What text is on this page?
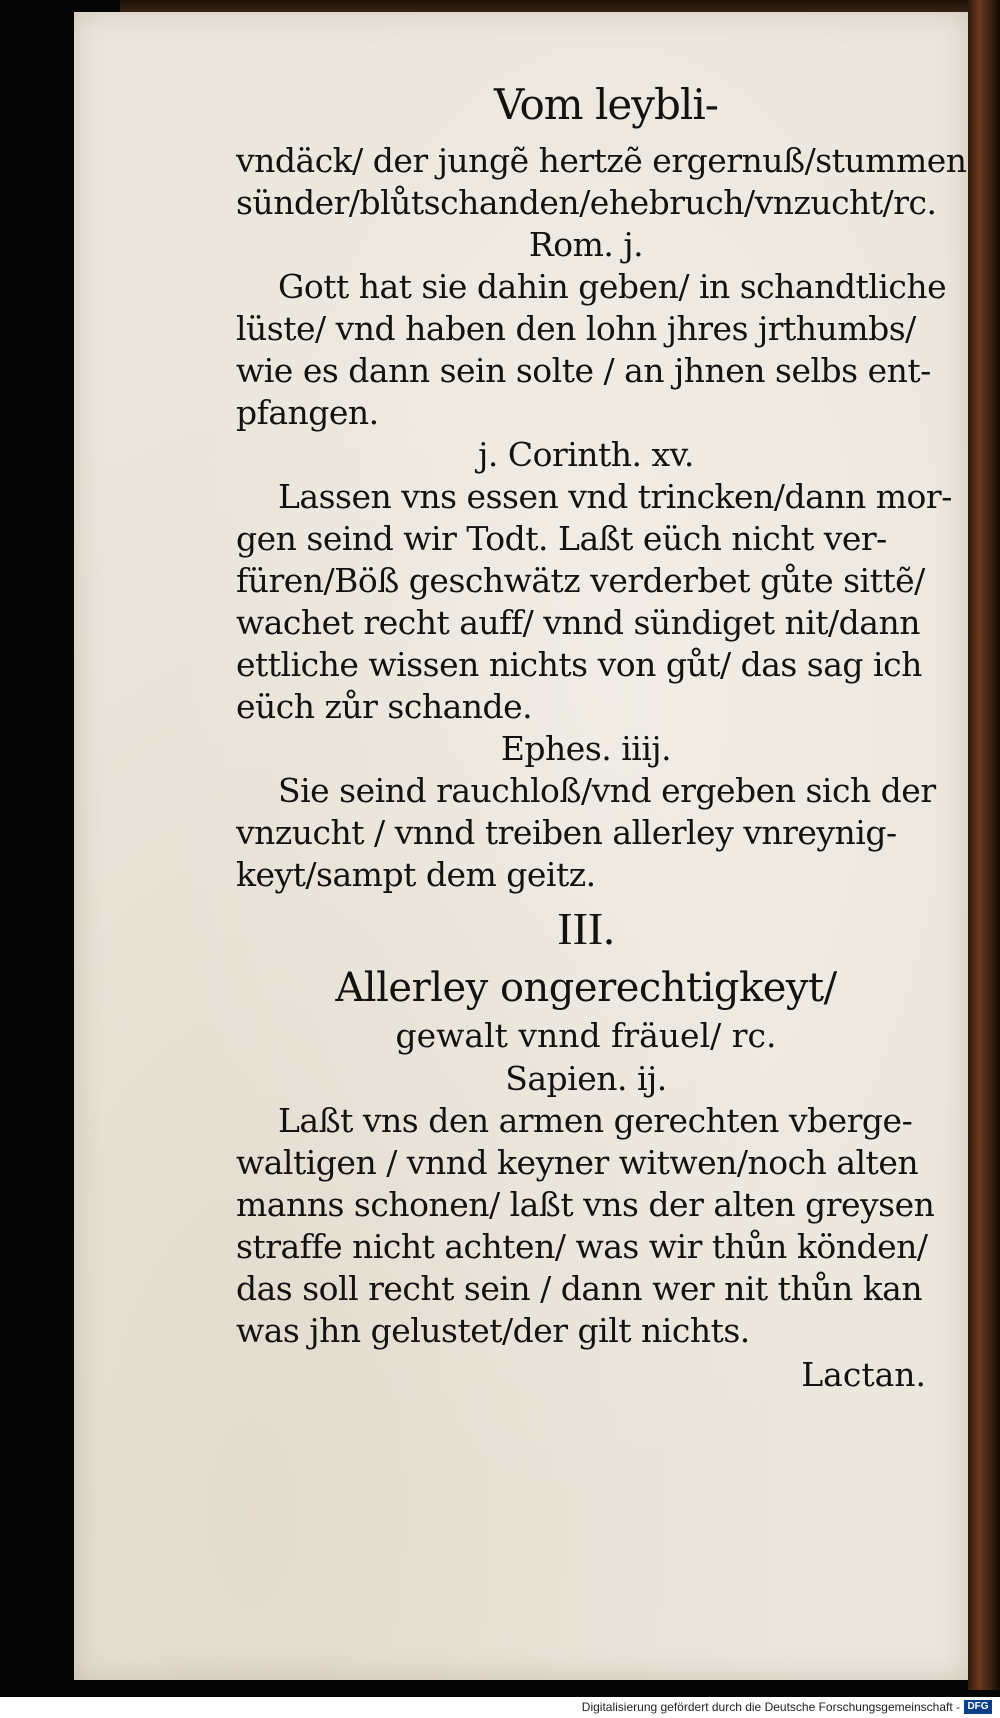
Vom leybli-
vndäck/ der jungẽ hertzẽ ergernuß/stummen
sünder/blůtschanden/ehebruch/vnzucht/rc.
Rom. j.
Gott hat sie dahin geben/ in schandtliche
lüste/ vnd haben den lohn jhres jrthumbs/
wie es dann sein solte / an jhnen selbs ent-
pfangen.
j. Corinth. xv.
Lassen vns essen vnd trincken/dann mor-
gen seind wir Todt. Laßt eüch nicht ver-
füren/Böß geschwätz verderbet gůte sittẽ/
wachet recht auff/ vnnd sündiget nit/dann
ettliche wissen nichts von gůt/ das sag ich
eüch zůr schande.
Ephes. iiij.
Sie seind rauchloß/vnd ergeben sich der
vnzucht / vnnd treiben allerley vnreynig-
keyt/sampt dem geitz.
III.
Allerley ongerechtigkeyt/
gewalt vnnd fräuel/ rc.
Sapien. ij.
Laßt vns den armen gerechten vberge-
waltigen / vnnd keyner witwen/noch alten
manns schonen/ laßt vns der alten greysen
straffe nicht achten/ was wir thůn könden/
das soll recht sein / dann wer nit thůn kan
was jhn gelustet/der gilt nichts.
Lactan.
Digitalisierung gefördert durch die Deutsche Forschungsgemeinschaft - DFG
